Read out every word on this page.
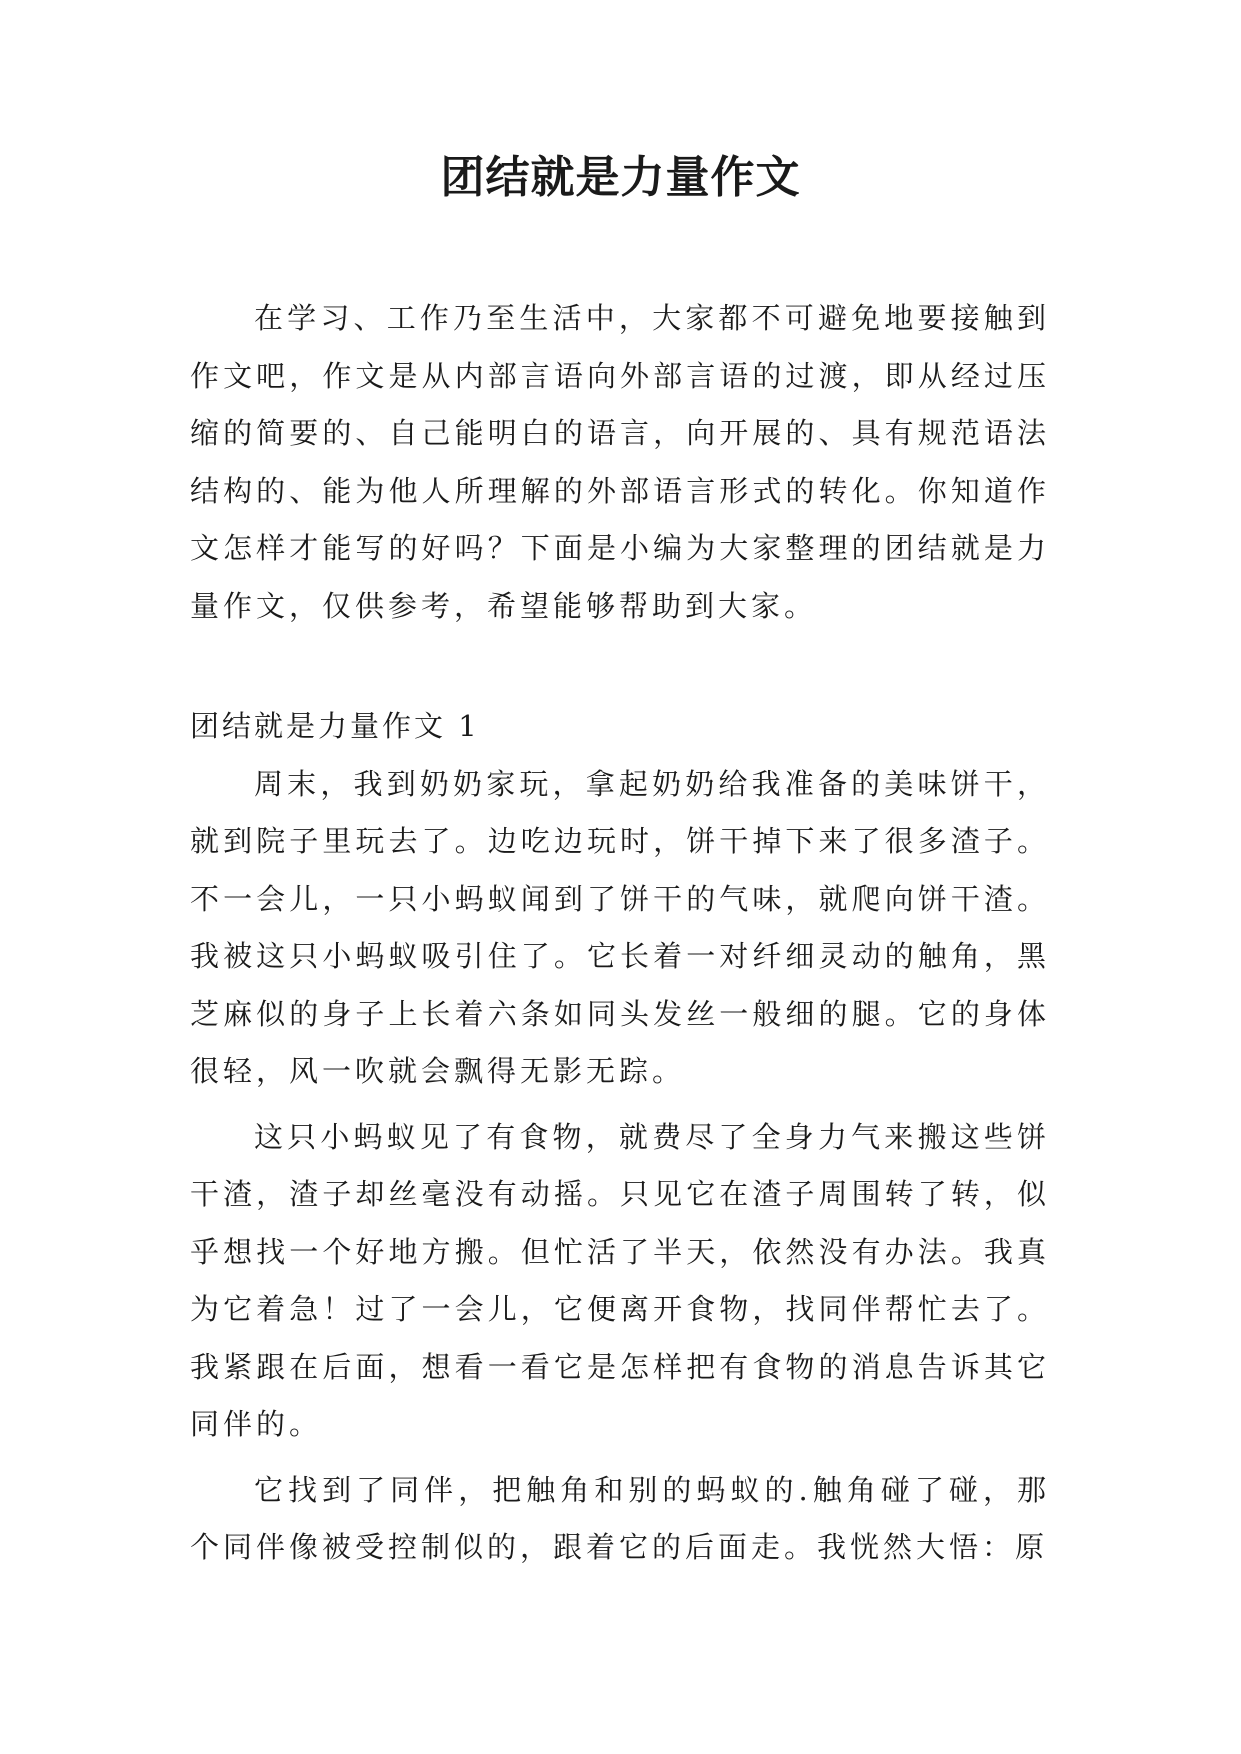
团结就是力量作文

在学习、工作乃至生活中，大家都不可避免地要接触到作文吧，作文是从内部言语向外部言语的过渡，即从经过压缩的简要的、自己能明白的语言，向开展的、具有规范语法结构的、能为他人所理解的外部语言形式的转化。你知道作文怎样才能写的好吗？下面是小编为大家整理的团结就是力量作文，仅供参考，希望能够帮助到大家。

团结就是力量作文 1

周末，我到奶奶家玩，拿起奶奶给我准备的美味饼干，就到院子里玩去了。边吃边玩时，饼干掉下来了很多渣子。不一会儿，一只小蚂蚁闻到了饼干的气味，就爬向饼干渣。我被这只小蚂蚁吸引住了。它长着一对纤细灵动的触角，黑芝麻似的身子上长着六条如同头发丝一般细的腿。它的身体很轻，风一吹就会飘得无影无踪。

这只小蚂蚁见了有食物，就费尽了全身力气来搬这些饼干渣，渣子却丝毫没有动摇。只见它在渣子周围转了转，似乎想找一个好地方搬。但忙活了半天，依然没有办法。我真为它着急！过了一会儿，它便离开食物，找同伴帮忙去了。我紧跟在后面，想看一看它是怎样把有食物的消息告诉其它同伴的。

它找到了同伴，把触角和别的蚂蚁的.触角碰了碰，那个同伴像被受控制似的，跟着它的后面走。我恍然大悟：原
